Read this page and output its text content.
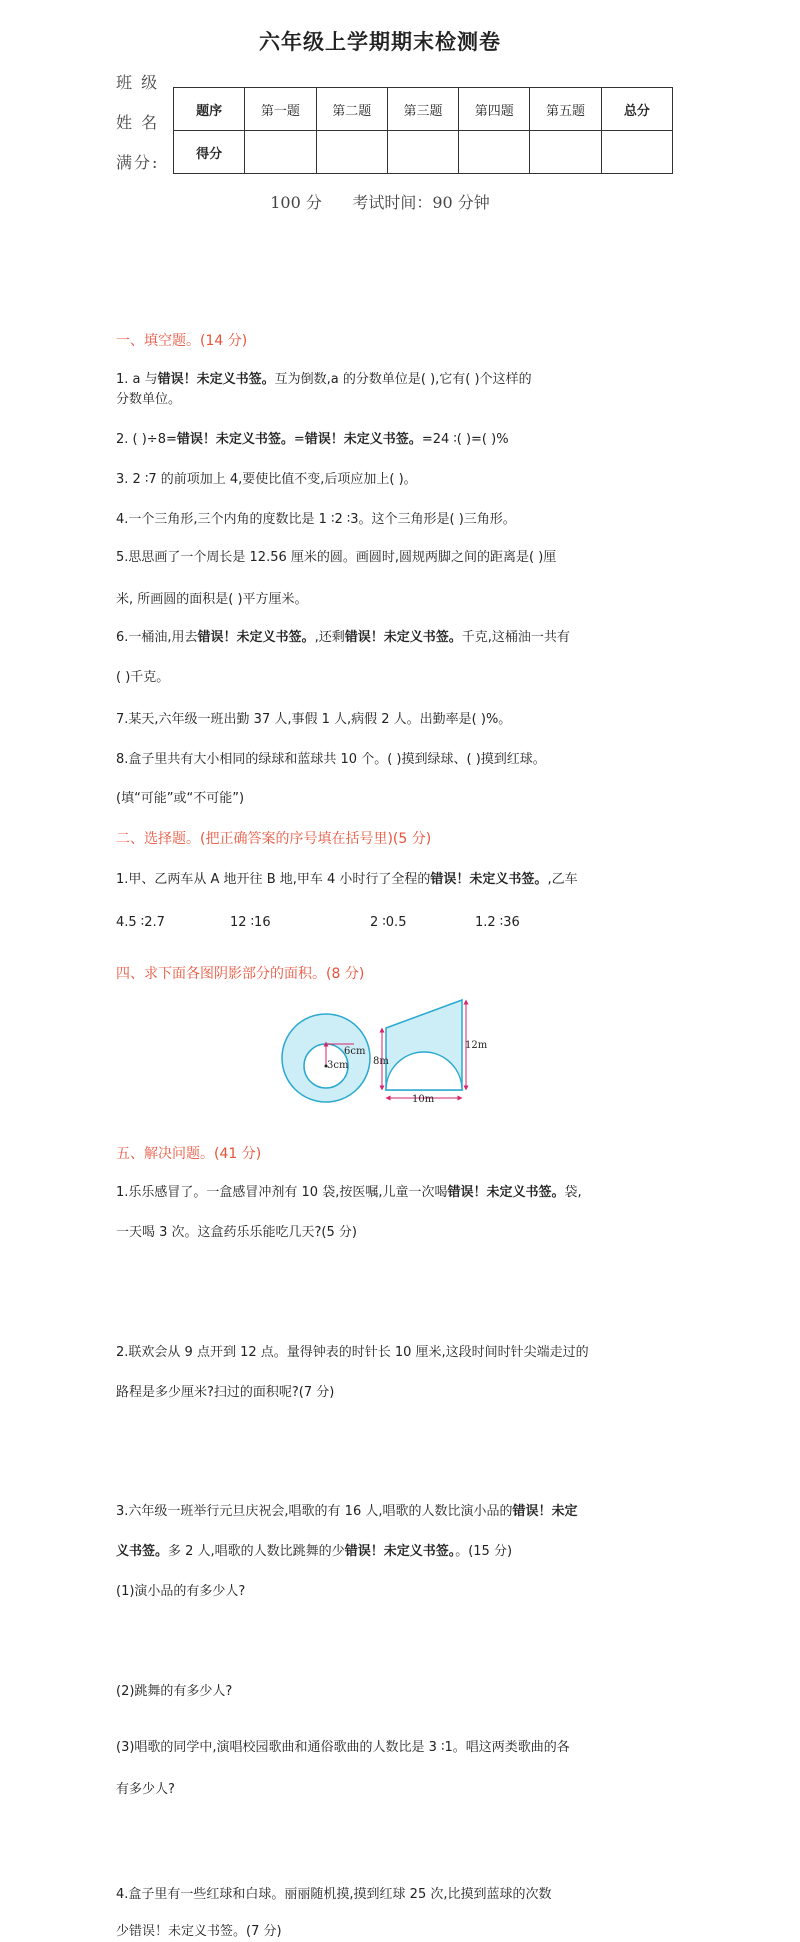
六年级上学期期末检测卷
班 级
姓 名
满分:
题序	第一题	第二题	第三题	第四题	第五题	总分
得分						
100 分      考试时间：90 分钟
一、填空题。(14 分)
1. a 与错误！未定义书签。互为倒数,a 的分数单位是( ),它有( )个这样的
分数单位。
2. ( )÷8=错误！未定义书签。=错误！未定义书签。=24 ∶( )=( )%
3. 2 ∶7 的前项加上 4,要使比值不变,后项应加上( )。
4.一个三角形,三个内角的度数比是 1 ∶2 ∶3。这个三角形是( )三角形。
5.思思画了一个周长是 12.56 厘米的圆。画圆时,圆规两脚之间的距离是( )厘
米, 所画圆的面积是( )平方厘米。
6.一桶油,用去错误！未定义书签。,还剩错误！未定义书签。千克,这桶油一共有
( )千克。
7.某天,六年级一班出勤 37 人,事假 1 人,病假 2 人。出勤率是( )%。
8.盒子里共有大小相同的绿球和蓝球共 10 个。( )摸到绿球、( )摸到红球。
(填“可能”或“不可能”)
二、选择题。(把正确答案的序号填在括号里)(5 分)
1.甲、乙两车从 A 地开往 B 地,甲车 4 小时行了全程的错误！未定义书签。,乙车
4.5 ∶2.7	12 ∶16	2 ∶0.5	1.2 ∶36
四、求下面各图阴影部分的面积。(8 分)
6cm
3cm 8m
12m
10m
五、解决问题。(41 分)
1.乐乐感冒了。一盒感冒冲剂有 10 袋,按医嘱,儿童一次喝错误！未定义书签。袋,
一天喝 3 次。这盒药乐乐能吃几天?(5 分)
2.联欢会从 9 点开到 12 点。量得钟表的时针长 10 厘米,这段时间时针尖端走过的
路程是多少厘米?扫过的面积呢?(7 分)
3.六年级一班举行元旦庆祝会,唱歌的有 16 人,唱歌的人数比演小品的错误！未定
义书签。多 2 人,唱歌的人数比跳舞的少错误！未定义书签。。(15 分)
(1)演小品的有多少人?
(2)跳舞的有多少人?
(3)唱歌的同学中,演唱校园歌曲和通俗歌曲的人数比是 3 ∶1。唱这两类歌曲的各
有多少人?
4.盒子里有一些红球和白球。丽丽随机摸,摸到红球 25 次,比摸到蓝球的次数
少错误！未定义书签。(7 分)
